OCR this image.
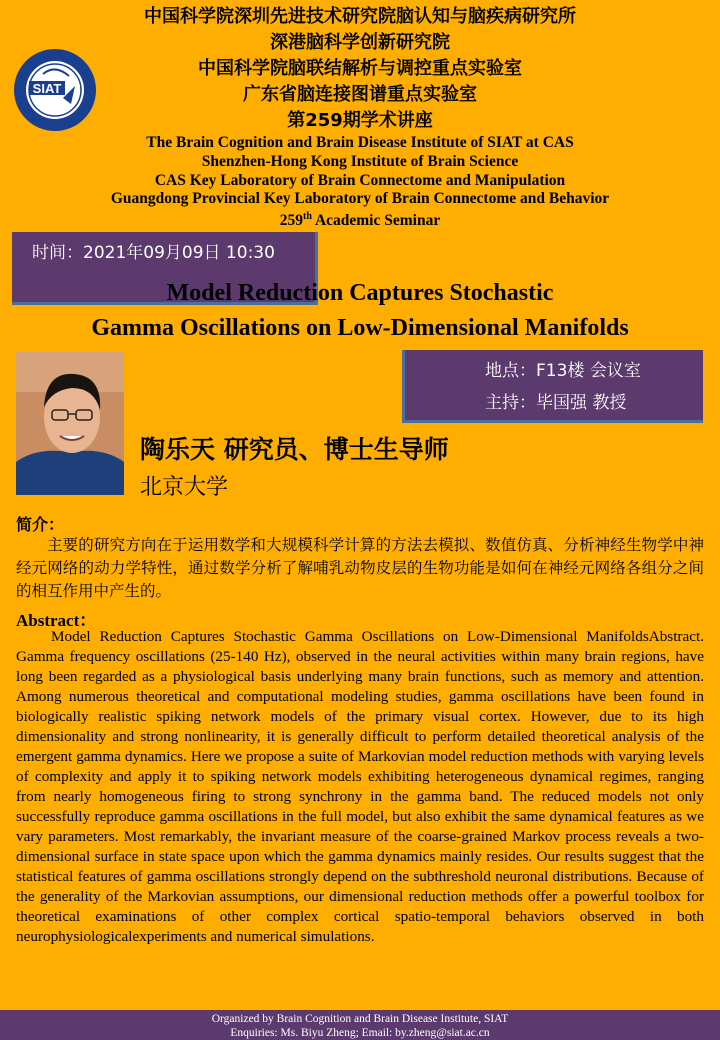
中国科学院深圳先进技术研究院脑认知与脑疾病研究所
深港脑科学创新研究院
中国科学院脑联结解析与调控重点实验室
广东省脑连接图谱重点实验室
第259期学术讲座
The Brain Cognition and Brain Disease Institute of SIAT at CAS
Shenzhen-Hong Kong Institute of Brain Science
CAS Key Laboratory of Brain Connectome and Manipulation
Guangdong Provincial Key Laboratory of Brain Connectome and Behavior
259th Academic Seminar
SIAT
时间：2021年09月09日 10:30
Model Reduction Captures Stochastic
Gamma Oscillations on Low-Dimensional Manifolds
地点：F13楼 会议室
主持：毕国强 教授
陶乐天 研究员、博士生导师
北京大学
简介：
主要的研究方向在于运用数学和大规模科学计算的方法去模拟、数值仿真、分析神经生物学中神经元网络的动力学特性，通过数学分析了解哺乳动物皮层的生物功能是如何在神经元网络各组分之间的相互作用中产生的。
Abstract：
Model Reduction Captures Stochastic Gamma Oscillations on Low-Dimensional ManifoldsAbstract. Gamma frequency oscillations (25-140 Hz), observed in the neural activities within many brain regions, have long been regarded as a physiological basis underlying many brain functions, such as memory and attention. Among numerous theoretical and computational modeling studies, gamma oscillations have been found in biologically realistic spiking network models of the primary visual cortex. However, due to its high dimensionality and strong nonlinearity, it is generally difficult to perform detailed theoretical analysis of the emergent gamma dynamics. Here we propose a suite of Markovian model reduction methods with varying levels of complexity and apply it to spiking network models exhibiting heterogeneous dynamical regimes, ranging from nearly homogeneous firing to strong synchrony in the gamma band. The reduced models not only successfully reproduce gamma oscillations in the full model, but also exhibit the same dynamical features as we vary parameters. Most remarkably, the invariant measure of the coarse-grained Markov process reveals a two-dimensional surface in state space upon which the gamma dynamics mainly resides. Our results suggest that the statistical features of gamma oscillations strongly depend on the subthreshold neuronal distributions. Because of the generality of the Markovian assumptions, our dimensional reduction methods offer a powerful toolbox for theoretical examinations of other complex cortical spatio-temporal behaviors observed in both neurophysiologicalexperiments and numerical simulations.
Organized by Brain Cognition and Brain Disease Institute, SIAT
Enquiries: Ms. Biyu Zheng; Email: by.zheng@siat.ac.cn
